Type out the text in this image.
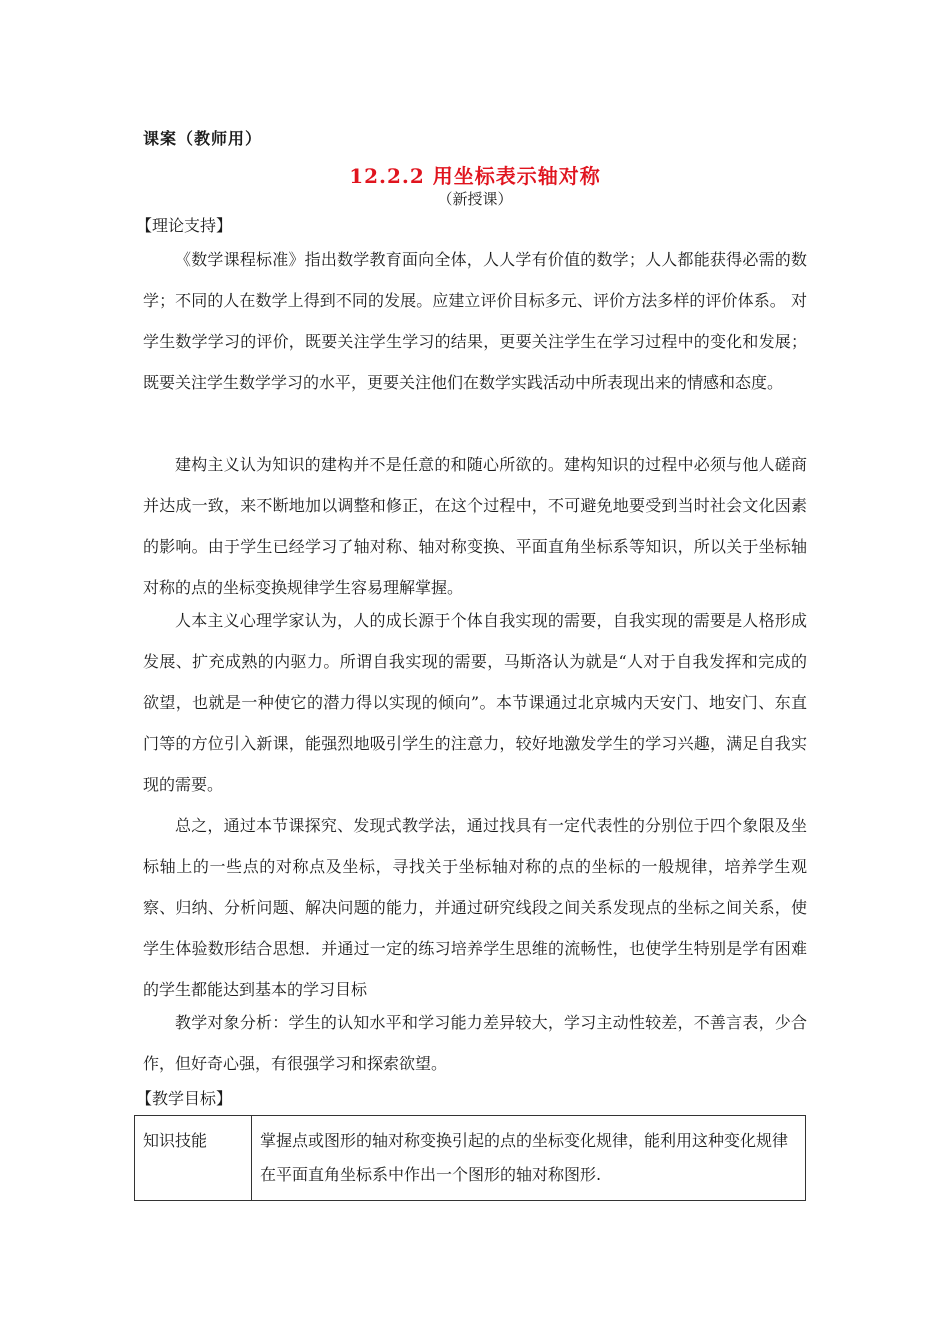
课案（教师用）
12.2.2 用坐标表示轴对称
（新授课）
【理论支持】

《数学课程标准》指出数学教育面向全体，人人学有价值的数学；人人都能获得必需的数学；不同的人在数学上得到不同的发展。应建立评价目标多元、评价方法多样的评价体系。 对学生数学学习的评价，既要关注学生学习的结果，更要关注学生在学习过程中的变化和发展；既要关注学生数学学习的水平，更要关注他们在数学实践活动中所表现出来的情感和态度。

建构主义认为知识的建构并不是任意的和随心所欲的。建构知识的过程中必须与他人磋商并达成一致，来不断地加以调整和修正，在这个过程中，不可避免地要受到当时社会文化因素的影响。由于学生已经学习了轴对称、轴对称变换、平面直角坐标系等知识，所以关于坐标轴对称的点的坐标变换规律学生容易理解掌握。

人本主义心理学家认为，人的成长源于个体自我实现的需要，自我实现的需要是人格形成发展、扩充成熟的内驱力。所谓自我实现的需要，马斯洛认为就是“人对于自我发挥和完成的欲望，也就是一种使它的潜力得以实现的倾向”。本节课通过北京城内天安门、地安门、东直门等的方位引入新课，能强烈地吸引学生的注意力，较好地激发学生的学习兴趣，满足自我实现的需要。

总之，通过本节课探究、发现式教学法，通过找具有一定代表性的分别位于四个象限及坐标轴上的一些点的对称点及坐标，寻找关于坐标轴对称的点的坐标的一般规律，培养学生观察、归纳、分析问题、解决问题的能力，并通过研究线段之间关系发现点的坐标之间关系，使学生体验数形结合思想．并通过一定的练习培养学生思维的流畅性，也使学生特别是学有困难的学生都能达到基本的学习目标

教学对象分析：学生的认知水平和学习能力差异较大，学习主动性较差，不善言表，少合作，但好奇心强，有很强学习和探索欲望。

【教学目标】
知识技能	掌握点或图形的轴对称变换引起的点的坐标变化规律，能利用这种变化规律在平面直角坐标系中作出一个图形的轴对称图形.
